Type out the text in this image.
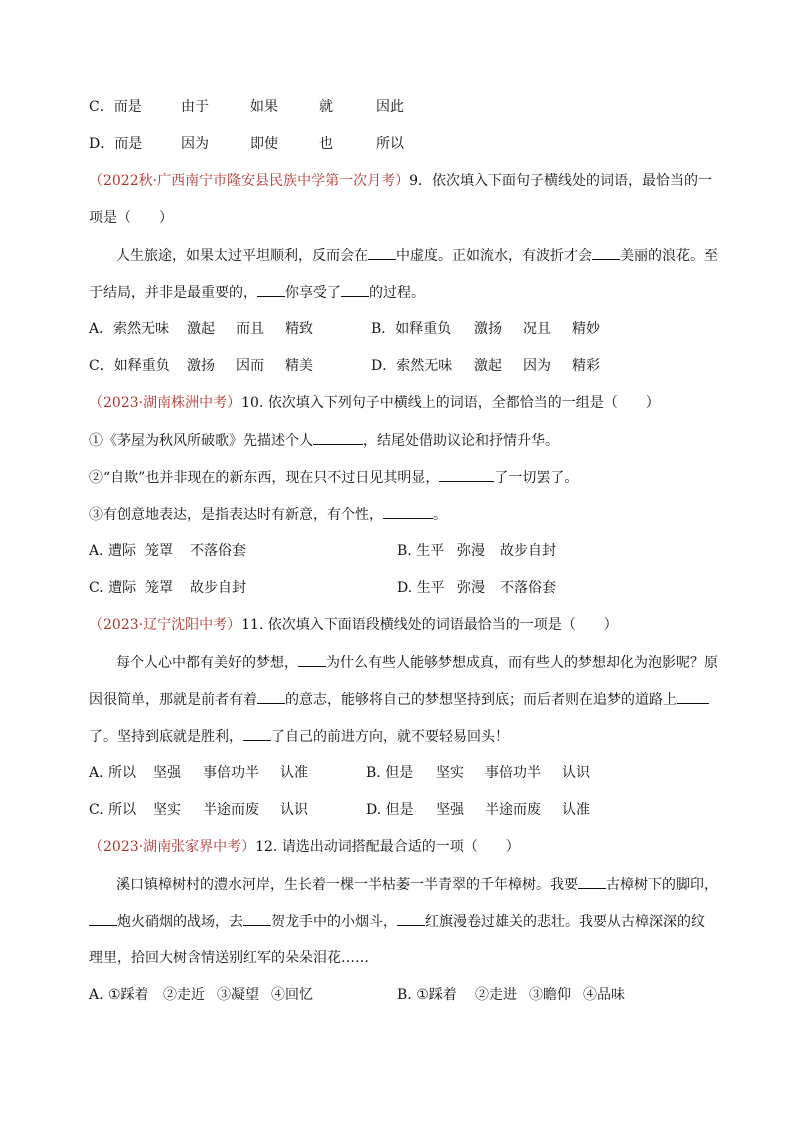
C．而是	由于	如果	就	因此
D．而是	因为	即使	也	所以
（2022秋·广西南宁市隆安县民族中学第一次月考）9．依次填入下面句子横线处的词语，最恰当的一
项是（　　）
人生旅途，如果太过平坦顺利，反而会在 中虚度。正如流水，有波折才会 美丽的浪花。至
于结局，并非是最重要的， 你享受了 的过程。
A．索然无味 激起 而且 精致	B．如释重负 激扬 况且 精妙
C．如释重负 激扬 因而 精美	D．索然无味 激起 因为 精彩
（2023·湖南株洲中考）10. 依次填入下列句子中横线上的词语，全都恰当的一组是（　　）
①《茅屋为秋风所破歌》先描述个人	，结尾处借助议论和抒情升华。
②“自欺”也并非现在的新东西，现在只不过日见其明显，	了一切罢了。
③有创意地表达，是指表达时有新意，有个性，	。
A. 遭际 笼罩 不落俗套	B. 生平 弥漫 故步自封
C. 遭际 笼罩 故步自封	D. 生平 弥漫 不落俗套
（2023·辽宁沈阳中考）11. 依次填入下面语段横线处的词语最恰当的一项是（　　）
每个人心中都有美好的梦想， 为什么有些人能够梦想成真，而有些人的梦想却化为泡影呢？原
因很简单，那就是前者有着 的意志，能够将自己的梦想坚持到底；而后者则在追梦的道路上
了。坚持到底就是胜利， 了自己的前进方向，就不要轻易回头！
A. 所以 坚强 事倍功半 认准	B. 但是 坚实 事倍功半 认识
C. 所以 坚实 半途而废 认识	D. 但是 坚强 半途而废 认准
（2023·湖南张家界中考）12. 请选出动词搭配最合适的一项（　　）
溪口镇樟树村的澧水河岸，生长着一棵一半枯萎一半青翠的千年樟树。我要 古樟树下的脚印，
炮火硝烟的战场，去 贺龙手中的小烟斗， 红旗漫卷过雄关的悲壮。我要从古樟深深的纹
理里，拾回大树含情送别红军的朵朵泪花……
A. ①踩着 ②走近 ③凝望 ④回忆	B. ①踩着 ②走进 ③瞻仰 ④品味
